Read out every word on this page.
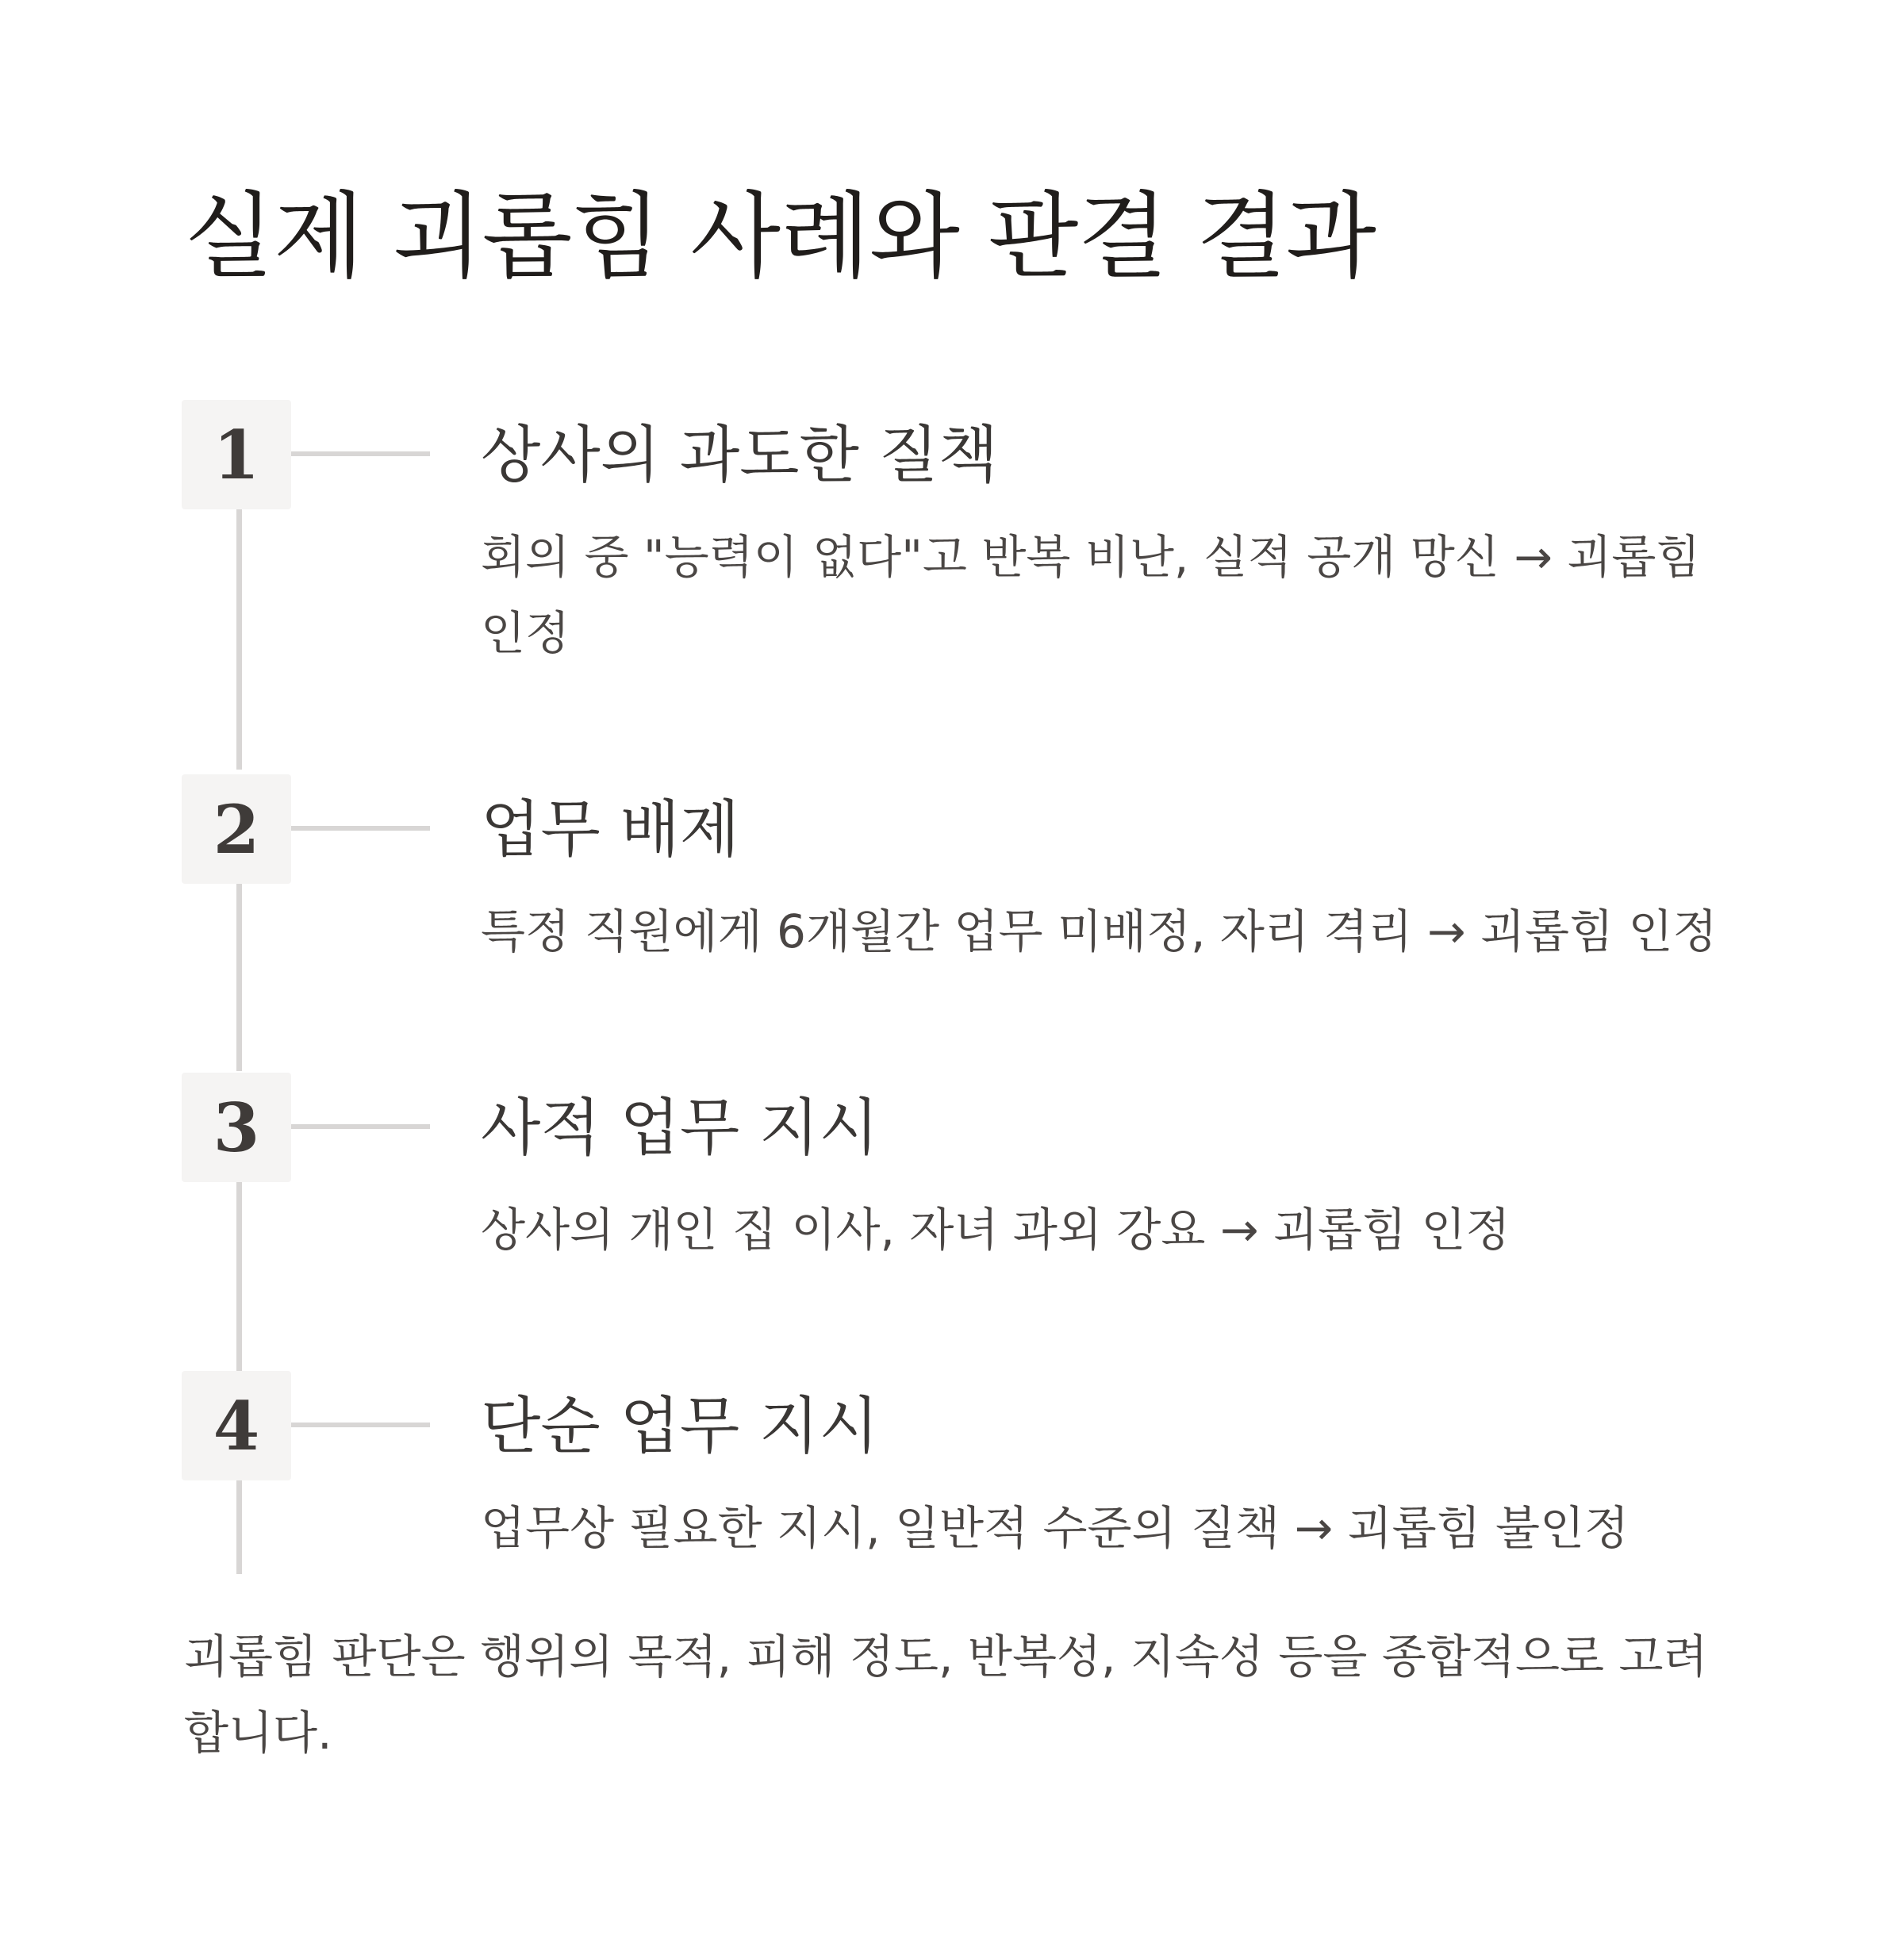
실제 괴롭힘 사례와 판결 결과
1	상사의 과도한 질책

회의 중 "능력이 없다"고 반복 비난, 실적 공개 망신 → 괴롭힘 인정

2	업무 배제

특정 직원에게 6개월간 업무 미배정, 자리 격리 → 괴롭힘 인정

3	사적 업무 지시

상사의 개인 집 이사, 자녀 과외 강요 → 괴롭힘 인정

4	단순 업무 지시

업무상 필요한 지시, 일반적 수준의 질책 → 괴롭힘 불인정

괴롭힘 판단은 행위의 목적, 피해 정도, 반복성, 지속성 등을 종합적으로 고려합니다.
